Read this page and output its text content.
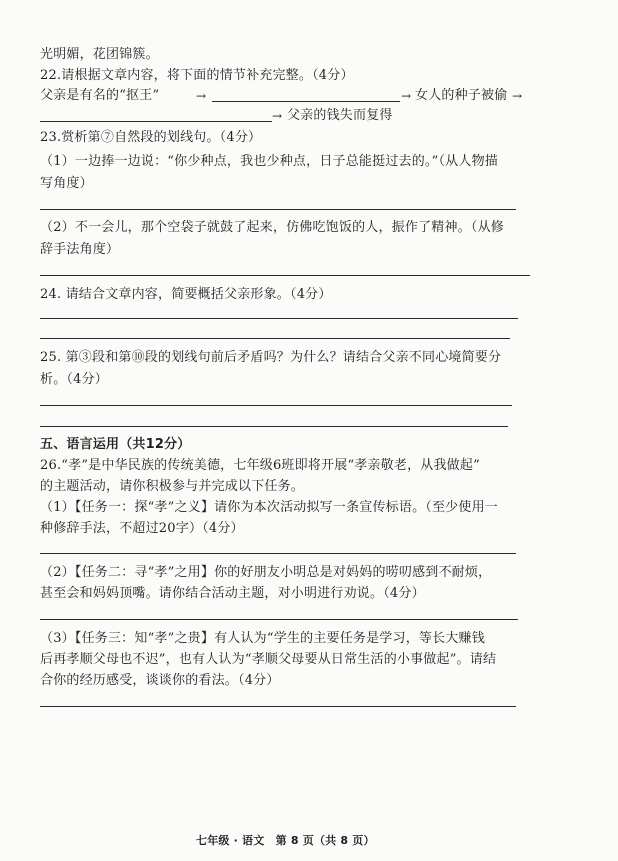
光明媚，花团锦簇。
22.请根据文章内容，将下面的情节补充完整。（4分）
父亲是有名的“抠王”	→	→ 女人的种子被偷 →
→ 父亲的钱失而复得
23.赏析第⑦自然段的划线句。（4分）
（1）一边捧一边说：“你少种点，我也少种点，日子总能挺过去的。”（从人物描
写角度）
（2）不一会儿，那个空袋子就鼓了起来，仿佛吃饱饭的人，振作了精神。（从修
辞手法角度）
24. 请结合文章内容，简要概括父亲形象。（4分）
25. 第③段和第⑩段的划线句前后矛盾吗？为什么？请结合父亲不同心境简要分
析。（4分）
五、语言运用（共12分）
26.“孝”是中华民族的传统美德，七年级6班即将开展“孝亲敬老，从我做起”
的主题活动，请你积极参与并完成以下任务。
（1）【任务一：探“孝”之义】请你为本次活动拟写一条宣传标语。（至少使用一
种修辞手法，不超过20字）（4分）
（2）【任务二：寻“孝”之用】你的好朋友小明总是对妈妈的唠叨感到不耐烦，
甚至会和妈妈顶嘴。请你结合活动主题，对小明进行劝说。（4分）
（3）【任务三：知“孝”之贵】有人认为“学生的主要任务是学习，等长大赚钱
后再孝顺父母也不迟”，也有人认为“孝顺父母要从日常生活的小事做起”。请结
合你的经历感受，谈谈你的看法。（4分）
七年级 · 语文　第 8 页（共 8 页）
